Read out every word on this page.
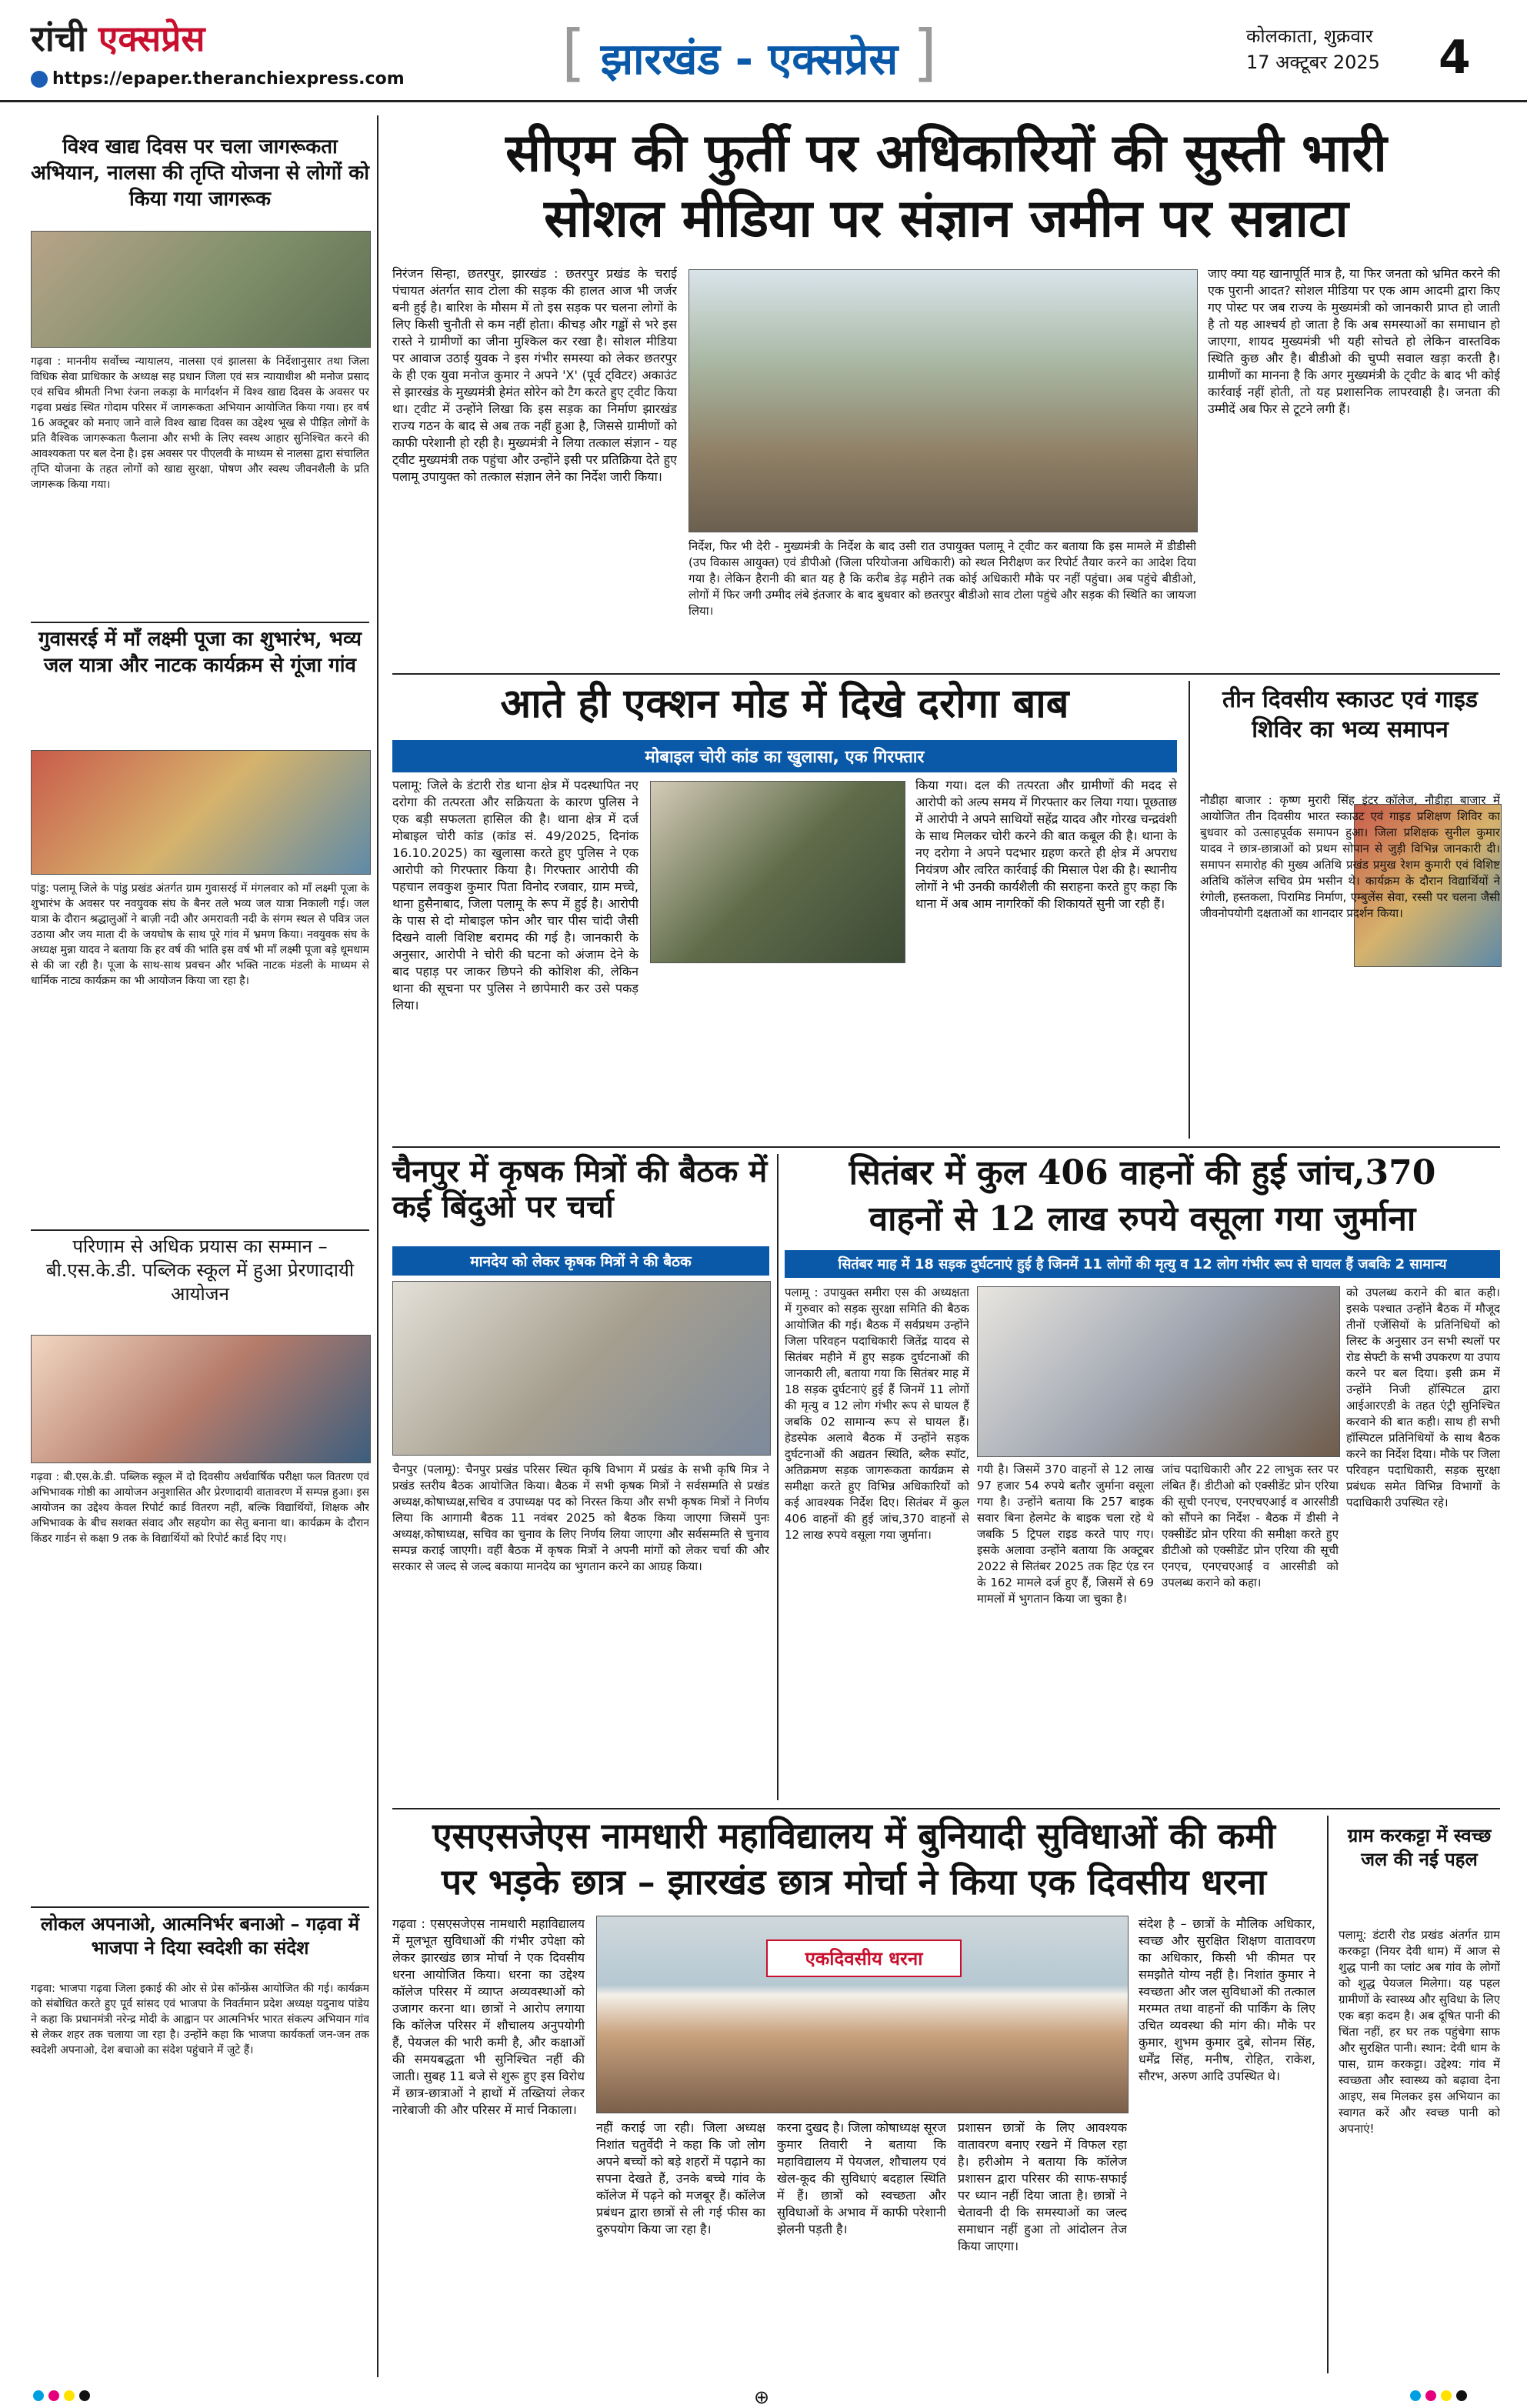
रांची एक्सप्रेस
https://epaper.theranchiexpress.com	[ झारखंड - एक्सप्रेस ]	कोलकाता, शुक्रवार
17 अक्टूबर 2025 4
विश्व खाद्य दिवस पर चला जागरूकता अभियान, नालसा की तृप्ति योजना से लोगों को किया गया जागरूक
गढ़वा : माननीय सर्वोच्च न्यायालय, नालसा एवं झालसा के निर्देशानुसार तथा जिला विधिक सेवा प्राधिकार के अध्यक्ष सह प्रधान जिला एवं सत्र न्यायाधीश श्री मनोज प्रसाद एवं सचिव श्रीमती निभा रंजना लकड़ा के मार्गदर्शन में विश्व खाद्य दिवस के अवसर पर गढ़वा प्रखंड स्थित गोदाम परिसर में जागरूकता अभियान आयोजित किया गया। हर वर्ष 16 अक्टूबर को मनाए जाने वाले विश्व खाद्य दिवस का उद्देश्य भूख से पीड़ित लोगों के प्रति वैश्विक जागरूकता फैलाना और सभी के लिए स्वस्थ आहार सुनिश्चित करने की आवश्यकता पर बल देना है। इस अवसर पर पीएलवी के माध्यम से नालसा द्वारा संचालित तृप्ति योजना के तहत लोगों को खाद्य सुरक्षा, पोषण और स्वस्थ जीवनशैली के प्रति जागरूक किया गया।
गुवासरई में माँ लक्ष्मी पूजा का शुभारंभ, भव्य जल यात्रा और नाटक कार्यक्रम से गूंजा गांव
पांडु: पलामू जिले के पांडु प्रखंड अंतर्गत ग्राम गुवासरई में मंगलवार को माँ लक्ष्मी पूजा के शुभारंभ के अवसर पर नवयुवक संघ के बैनर तले भव्य जल यात्रा निकाली गई। जल यात्रा के दौरान श्रद्धालुओं ने बाज़ी नदी और अमरावती नदी के संगम स्थल से पवित्र जल उठाया और जय माता दी के जयघोष के साथ पूरे गांव में भ्रमण किया। नवयुवक संघ के अध्यक्ष मुन्ना यादव ने बताया कि हर वर्ष की भांति इस वर्ष भी माँ लक्ष्मी पूजा बड़े धूमधाम से की जा रही है। पूजा के साथ-साथ प्रवचन और भक्ति नाटक मंडली के माध्यम से धार्मिक नाट्य कार्यक्रम का भी आयोजन किया जा रहा है।
परिणाम से अधिक प्रयास का सम्मान – बी.एस.के.डी. पब्लिक स्कूल में हुआ प्रेरणादायी आयोजन
गढ़वा : बी.एस.के.डी. पब्लिक स्कूल में दो दिवसीय अर्धवार्षिक परीक्षा फल वितरण एवं अभिभावक गोष्ठी का आयोजन अनुशासित और प्रेरणादायी वातावरण में सम्पन्न हुआ। इस आयोजन का उद्देश्य केवल रिपोर्ट कार्ड वितरण नहीं, बल्कि विद्यार्थियों, शिक्षक और अभिभावक के बीच सशक्त संवाद और सहयोग का सेतु बनाना था। कार्यक्रम के दौरान किंडर गार्डन से कक्षा 9 तक के विद्यार्थियों को रिपोर्ट कार्ड दिए गए।
लोकल अपनाओ, आत्मनिर्भर बनाओ – गढ़वा में भाजपा ने दिया स्वदेशी का संदेश
गढ़वा: भाजपा गढ़वा जिला इकाई की ओर से प्रेस कॉन्फ्रेंस आयोजित की गई। कार्यक्रम को संबोधित करते हुए पूर्व सांसद एवं भाजपा के निवर्तमान प्रदेश अध्यक्ष यदुनाथ पांडेय ने कहा कि प्रधानमंत्री नरेन्द्र मोदी के आह्वान पर आत्मनिर्भर भारत संकल्प अभियान गांव से लेकर शहर तक चलाया जा रहा है। उन्होंने कहा कि भाजपा कार्यकर्ता जन-जन तक स्वदेशी अपनाओ, देश बचाओ का संदेश पहुंचाने में जुटे हैं।
सीएम की फुर्ती पर अधिकारियों की सुस्ती भारी
सोशल मीडिया पर संज्ञान जमीन पर सन्नाटा
निरंजन सिन्हा, छतरपुर, झारखंड : छतरपुर प्रखंड के चराई पंचायत अंतर्गत साव टोला की सड़क की हालत आज भी जर्जर बनी हुई है। बारिश के मौसम में तो इस सड़क पर चलना लोगों के लिए किसी चुनौती से कम नहीं होता। कीचड़ और गड्ढों से भरे इस रास्ते ने ग्रामीणों का जीना मुश्किल कर रखा है। सोशल मीडिया पर आवाज उठाई युवक ने इस गंभीर समस्या को लेकर छतरपुर के ही एक युवा मनोज कुमार ने अपने 'X' (पूर्व ट्विटर) अकाउंट से झारखंड के मुख्यमंत्री हेमंत सोरेन को टैग करते हुए ट्वीट किया था। ट्वीट में उन्होंने लिखा कि इस सड़क का निर्माण झारखंड राज्य गठन के बाद से अब तक नहीं हुआ है, जिससे ग्रामीणों को काफी परेशानी हो रही है। मुख्यमंत्री ने लिया तत्काल संज्ञान - यह ट्वीट मुख्यमंत्री तक पहुंचा और उन्होंने इसी पर प्रतिक्रिया देते हुए पलामू उपायुक्त को तत्काल संज्ञान लेने का निर्देश जारी किया।
निर्देश, फिर भी देरी - मुख्यमंत्री के निर्देश के बाद उसी रात उपायुक्त पलामू ने ट्वीट कर बताया कि इस मामले में डीडीसी (उप विकास आयुक्त) एवं डीपीओ (जिला परियोजना अधिकारी) को स्थल निरीक्षण कर रिपोर्ट तैयार करने का आदेश दिया गया है। लेकिन हैरानी की बात यह है कि करीब डेढ़ महीने तक कोई अधिकारी मौके पर नहीं पहुंचा। अब पहुंचे बीडीओ, लोगों में फिर जगी उम्मीद लंबे इंतजार के बाद बुधवार को छतरपुर बीडीओ साव टोला पहुंचे और सड़क की स्थिति का जायजा लिया।
जाए क्या यह खानापूर्ति मात्र है, या फिर जनता को भ्रमित करने की एक पुरानी आदत? सोशल मीडिया पर एक आम आदमी द्वारा किए गए पोस्ट पर जब राज्य के मुख्यमंत्री को जानकारी प्राप्त हो जाती है तो यह आश्चर्य हो जाता है कि अब समस्याओं का समाधान हो जाएगा, शायद मुख्यमंत्री भी यही सोचते हो लेकिन वास्तविक स्थिति कुछ और है। बीडीओ की चुप्पी सवाल खड़ा करती है। ग्रामीणों का मानना है कि अगर मुख्यमंत्री के ट्वीट के बाद भी कोई कार्रवाई नहीं होती, तो यह प्रशासनिक लापरवाही है। जनता की उम्मीदें अब फिर से टूटने लगी हैं।
आते ही एक्शन मोड में दिखे दरोगा बाब
मोबाइल चोरी कांड का खुलासा, एक गिरफ्तार
पलामू: जिले के डंटारी रोड थाना क्षेत्र में पदस्थापित नए दरोगा की तत्परता और सक्रियता के कारण पुलिस ने एक बड़ी सफलता हासिल की है। थाना क्षेत्र में दर्ज मोबाइल चोरी कांड (कांड सं. 49/2025, दिनांक 16.10.2025) का खुलासा करते हुए पुलिस ने एक आरोपी को गिरफ्तार किया है। गिरफ्तार आरोपी की पहचान लवकुश कुमार पिता विनोद रजवार, ग्राम मच्चे, थाना हुसैनाबाद, जिला पलामू के रूप में हुई है। आरोपी के पास से दो मोबाइल फोन और चार पीस चांदी जैसी दिखने वाली विशिष्ट बरामद की गई है। जानकारी के अनुसार, आरोपी ने चोरी की घटना को अंजाम देने के बाद पहाड़ पर जाकर छिपने की कोशिश की, लेकिन थाना की सूचना पर पुलिस ने छापेमारी कर उसे पकड़ लिया।
किया गया। दल की तत्परता और ग्रामीणों की मदद से आरोपी को अल्प समय में गिरफ्तार कर लिया गया। पूछताछ में आरोपी ने अपने साथियों सहेंद्र यादव और गोरख चन्द्रवंशी के साथ मिलकर चोरी करने की बात कबूल की है। थाना के नए दरोगा ने अपने पदभार ग्रहण करते ही क्षेत्र में अपराध नियंत्रण और त्वरित कार्रवाई की मिसाल पेश की है। स्थानीय लोगों ने भी उनकी कार्यशैली की सराहना करते हुए कहा कि थाना में अब आम नागरिकों की शिकायतें सुनी जा रही हैं।
तीन दिवसीय स्काउट एवं गाइड शिविर का भव्य समापन
नौडीहा बाजार : कृष्ण मुरारी सिंह इंटर कॉलेज, नौडीहा बाजार में आयोजित तीन दिवसीय भारत स्काउट एवं गाइड प्रशिक्षण शिविर का बुधवार को उत्साहपूर्वक समापन हुआ। जिला प्रशिक्षक सुनील कुमार यादव ने छात्र-छात्राओं को प्रथम सोपान से जुड़ी विभिन्न जानकारी दी। समापन समारोह की मुख्य अतिथि प्रखंड प्रमुख रेशम कुमारी एवं विशिष्ट अतिथि कॉलेज सचिव प्रेम भसीन थे। कार्यक्रम के दौरान विद्यार्थियों ने रंगोली, हस्तकला, पिरामिड निर्माण, एम्बुलेंस सेवा, रस्सी पर चलना जैसी जीवनोपयोगी दक्षताओं का शानदार प्रदर्शन किया।
चैनपुर में कृषक मित्रों की बैठक में कई बिंदुओ पर चर्चा
मानदेय को लेकर कृषक मित्रों ने की बैठक
चैनपुर (पलामू): चैनपुर प्रखंड परिसर स्थित कृषि विभाग में प्रखंड के सभी कृषि मित्र ने प्रखंड स्तरीय बैठक आयोजित किया। बैठक में सभी कृषक मित्रों ने सर्वसम्मति से प्रखंड अध्यक्ष,कोषाध्यक्ष,सचिव व उपाध्यक्ष पद को निरस्त किया और सभी कृषक मित्रों ने निर्णय लिया कि आगामी बैठक 11 नवंबर 2025 को बैठक किया जाएगा जिसमें पुनः अध्यक्ष,कोषाध्यक्ष, सचिव का चुनाव के लिए निर्णय लिया जाएगा और सर्वसम्मति से चुनाव सम्पन्न कराई जाएगी। वहीं बैठक में कृषक मित्रों ने अपनी मांगों को लेकर चर्चा की और सरकार से जल्द से जल्द बकाया मानदेय का भुगतान करने का आग्रह किया।
सितंबर में कुल 406 वाहनों की हुई जांच,370
वाहनों से 12 लाख रुपये वसूला गया जुर्माना
सितंबर माह में 18 सड़क दुर्घटनाएं हुई है जिनमें 11 लोगों की मृत्यु व 12 लोग गंभीर रूप से घायल हैं जबकि 2 सामान्य
पलामू : उपायुक्त समीरा एस की अध्यक्षता में गुरुवार को सड़क सुरक्षा समिति की बैठक आयोजित की गई। बैठक में सर्वप्रथम उन्होंने जिला परिवहन पदाधिकारी जितेंद्र यादव से सितंबर महीने में हुए सड़क दुर्घटनाओं की जानकारी ली, बताया गया कि सितंबर माह में 18 सड़क दुर्घटनाएं हुई हैं जिनमें 11 लोगों की मृत्यु व 12 लोग गंभीर रूप से घायल हैं जबकि 02 सामान्य रूप से घायल हैं। हेडस्पेक अलावे बैठक में उन्होंने सड़क दुर्घटनाओं की अद्यतन स्थिति, ब्लैक स्पॉट, अतिक्रमण सड़क जागरूकता कार्यक्रम से समीक्षा करते हुए विभिन्न अधिकारियों को कई आवश्यक निर्देश दिए। सितंबर में कुल 406 वाहनों की हुई जांच,370 वाहनों से 12 लाख रुपये वसूला गया जुर्माना।
गयी है। जिसमें 370 वाहनों से 12 लाख 97 हजार 54 रुपये बतौर जुर्माना वसूला गया है। उन्होंने बताया कि 257 बाइक सवार बिना हेलमेट के बाइक चला रहे थे जबकि 5 ट्रिपल राइड करते पाए गए। इसके अलावा उन्होंने बताया कि अक्टूबर 2022 से सितंबर 2025 तक हिट एंड रन के 162 मामले दर्ज हुए हैं, जिसमें से 69 मामलों में भुगतान किया जा चुका है।
जांच पदाधिकारी और 22 लाभुक स्तर पर लंबित हैं। डीटीओ को एक्सीडेंट प्रोन एरिया की सूची एनएच, एनएचएआई व आरसीडी को सौंपने का निर्देश - बैठक में डीसी ने एक्सीडेंट प्रोन एरिया की समीक्षा करते हुए डीटीओ को एक्सीडेंट प्रोन एरिया की सूची एनएच, एनएचएआई व आरसीडी को उपलब्ध कराने को कहा।
को उपलब्ध कराने की बात कही। इसके पश्चात उन्होंने बैठक में मौजूद तीनों एजेंसियों के प्रतिनिधियों को लिस्ट के अनुसार उन सभी स्थलों पर रोड सेफ्टी के सभी उपकरण या उपाय करने पर बल दिया। इसी क्रम में उन्होंने निजी हॉस्पिटल द्वारा आईआरएडी के तहत एंट्री सुनिश्चित करवाने की बात कही। साथ ही सभी हॉस्पिटल प्रतिनिधियों के साथ बैठक करने का निर्देश दिया। मौके पर जिला परिवहन पदाधिकारी, सड़क सुरक्षा प्रबंधक समेत विभिन्न विभागों के पदाधिकारी उपस्थित रहे।
एसएसजेएस नामधारी महाविद्यालय में बुनियादी सुविधाओं की कमी
पर भड़के छात्र – झारखंड छात्र मोर्चा ने किया एक दिवसीय धरना
गढ़वा : एसएसजेएस नामधारी महाविद्यालय में मूलभूत सुविधाओं की गंभीर उपेक्षा को लेकर झारखंड छात्र मोर्चा ने एक दिवसीय धरना आयोजित किया। धरना का उद्देश्य कॉलेज परिसर में व्याप्त अव्यवस्थाओं को उजागर करना था। छात्रों ने आरोप लगाया कि कॉलेज परिसर में शौचालय अनुपयोगी हैं, पेयजल की भारी कमी है, और कक्षाओं की समयबद्धता भी सुनिश्चित नहीं की जाती। सुबह 11 बजे से शुरू हुए इस विरोध में छात्र-छात्राओं ने हाथों में तख्तियां लेकर नारेबाजी की और परिसर में मार्च निकाला।
एकदिवसीय धरना
नहीं कराई जा रही। जिला अध्यक्ष निशांत चतुर्वेदी ने कहा कि जो लोग अपने बच्चों को बड़े शहरों में पढ़ाने का सपना देखते हैं, उनके बच्चे गांव के कॉलेज में पढ़ने को मजबूर हैं। कॉलेज प्रबंधन द्वारा छात्रों से ली गई फीस का दुरुपयोग किया जा रहा है।
करना दुखद है। जिला कोषाध्यक्ष सूरज कुमार तिवारी ने बताया कि महाविद्यालय में पेयजल, शौचालय एवं खेल-कूद की सुविधाएं बदहाल स्थिति में हैं। छात्रों को स्वच्छता और सुविधाओं के अभाव में काफी परेशानी झेलनी पड़ती है।
प्रशासन छात्रों के लिए आवश्यक वातावरण बनाए रखने में विफल रहा है। हरीओम ने बताया कि कॉलेज प्रशासन द्वारा परिसर की साफ-सफाई पर ध्यान नहीं दिया जाता है। छात्रों ने चेतावनी दी कि समस्याओं का जल्द समाधान नहीं हुआ तो आंदोलन तेज किया जाएगा।
संदेश है – छात्रों के मौलिक अधिकार, स्वच्छ और सुरक्षित शिक्षण वातावरण का अधिकार, किसी भी कीमत पर समझौते योग्य नहीं है। निशांत कुमार ने स्वच्छता और जल सुविधाओं की तत्काल मरम्मत तथा वाहनों की पार्किंग के लिए उचित व्यवस्था की मांग की। मौके पर कुमार, शुभम कुमार दुबे, सोनम सिंह, धर्मेंद्र सिंह, मनीष, रोहित, राकेश, सौरभ, अरुण आदि उपस्थित थे।
ग्राम करकट्टा में स्वच्छ जल की नई पहल
पलामू: डंटारी रोड प्रखंड अंतर्गत ग्राम करकट्टा (नियर देवी धाम) में आज से शुद्ध पानी का प्लांट अब गांव के लोगों को शुद्ध पेयजल मिलेगा। यह पहल ग्रामीणों के स्वास्थ्य और सुविधा के लिए एक बड़ा कदम है। अब दूषित पानी की चिंता नहीं, हर घर तक पहुंचेगा साफ और सुरक्षित पानी। स्थान: देवी धाम के पास, ग्राम करकट्टा। उद्देश्य: गांव में स्वच्छता और स्वास्थ्य को बढ़ावा देना आइए, सब मिलकर इस अभियान का स्वागत करें और स्वच्छ पानी को अपनाएं!
⊕
